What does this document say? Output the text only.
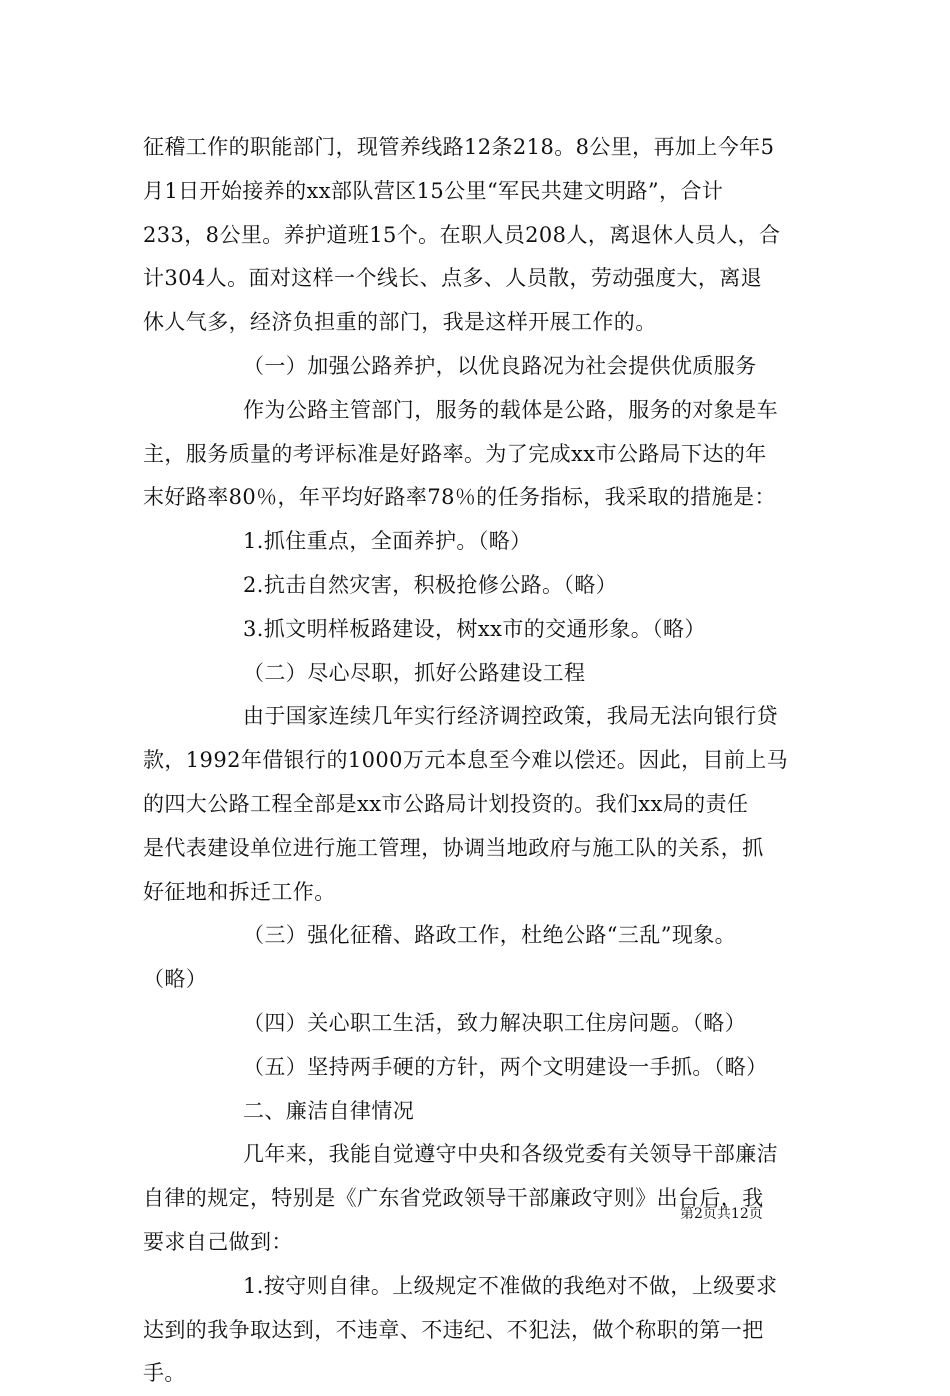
征稽工作的职能部门，现管养线路12条218。8公里，再加上今年5
月1日开始接养的xx部队营区15公里“军民共建文明路”，合计
233，8公里。养护道班15个。在职人员208人，离退休人员人，合
计304人。面对这样一个线长、点多、人员散，劳动强度大，离退
休人气多，经济负担重的部门，我是这样开展工作的。
（一）加强公路养护，以优良路况为社会提供优质服务
作为公路主管部门，服务的载体是公路，服务的对象是车
主，服务质量的考评标准是好路率。为了完成xx市公路局下达的年
末好路率80％，年平均好路率78％的任务指标，我采取的措施是：
1.抓住重点，全面养护。（略）
2.抗击自然灾害，积极抢修公路。（略）
3.抓文明样板路建设，树xx市的交通形象。（略）
（二）尽心尽职，抓好公路建设工程
由于国家连续几年实行经济调控政策，我局无法向银行贷
款，1992年借银行的1000万元本息至今难以偿还。因此，目前上马
的四大公路工程全部是xx市公路局计划投资的。我们xx局的责任
是代表建设单位进行施工管理，协调当地政府与施工队的关系，抓
好征地和拆迁工作。
（三）强化征稽、路政工作，杜绝公路“三乱”现象。
（略）
（四）关心职工生活，致力解决职工住房问题。（略）
（五）坚持两手硬的方针，两个文明建设一手抓。（略）
二、廉洁自律情况
几年来，我能自觉遵守中央和各级党委有关领导干部廉洁
自律的规定，特别是《广东省党政领导干部廉政守则》出台后，我
要求自己做到：
1.按守则自律。上级规定不准做的我绝对不做，上级要求
达到的我争取达到，不违章、不违纪、不犯法，做个称职的第一把
手。
第2页共12页
